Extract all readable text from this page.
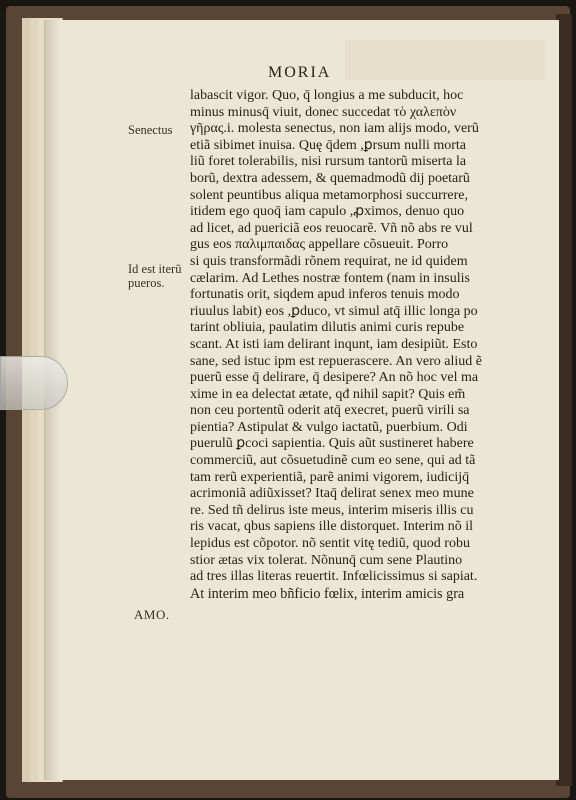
MORIA
Senectus
Id est iterũ
pueros.
AMO.
labascit vigor. Quo, q̄ longius a me subducit, hoc
minus minusq̄ viuit, donec succedat τὸ χαλεπὸν
γῆρας.i. molesta senectus, non iam alijs modo, verũ
etiã sibimet inuisa. Quę q̄dem ,ꝑrsum nulli morta
liũ foret tolerabilis, nisi rursum tantorũ miserta la
borũ, dextra adessem, & quemadmodũ dij poetarũ
solent peuntibus aliqua metamorphosi succurrere,
itidem ego quoq̄ iam capulo ,ꝓximos, denuo quo
ad licet, ad puericiã eos reuocarẽ. Vñ nõ abs re vul
gus eos παλιμπαιδας appellare cõsueuit. Porro
si quis transformãdi rõnem requirat, ne id quidem
cælarim. Ad Lethes nostræ fontem (nam in insulis
fortunatis orit, siqdem apud inferos tenuis modo
riuulus labit) eos ,ꝑduco, vt simul atq̄ illic longa po
tarint obliuia, paulatim dilutis animi curis repube
scant. At isti iam delirant inqunt, iam desipiũt. Esto
sane, sed istuc ipm est repuerascere. An vero aliud ẽ
puerũ esse q̄ delirare, q̄ desipere? An nõ hoc vel ma
xime in ea delectat ætate, qđ nihil sapit? Quis em̃
non ceu portentũ oderit atq̄ execret, puerũ virili sa
pientia? Astipulat & vulgo iactatũ, puerbium. Odi
puerulũ ꝑcoci sapientia. Quis aũt sustineret habere
commerciũ, aut cõsuetudinẽ cum eo sene, qui ad tã
tam rerũ experientiã, parẽ animi vigorem, iudicijq̄
acrimoniã adiũxisset? Itaq̄ delirat senex meo mune
re. Sed tñ delirus iste meus, interim miseris illis cu
ris vacat, qbus sapiens ille distorquet. Interim nõ il
lepidus est cõpotor. nõ sentit vitę tediũ, quod robu
stior ætas vix tolerat. Nõnunq̄ cum sene Plautino
ad tres illas literas reuertit. Infœlicissimus si sapiat.
At interim meo bñficio fœlix, interim amicis gra
